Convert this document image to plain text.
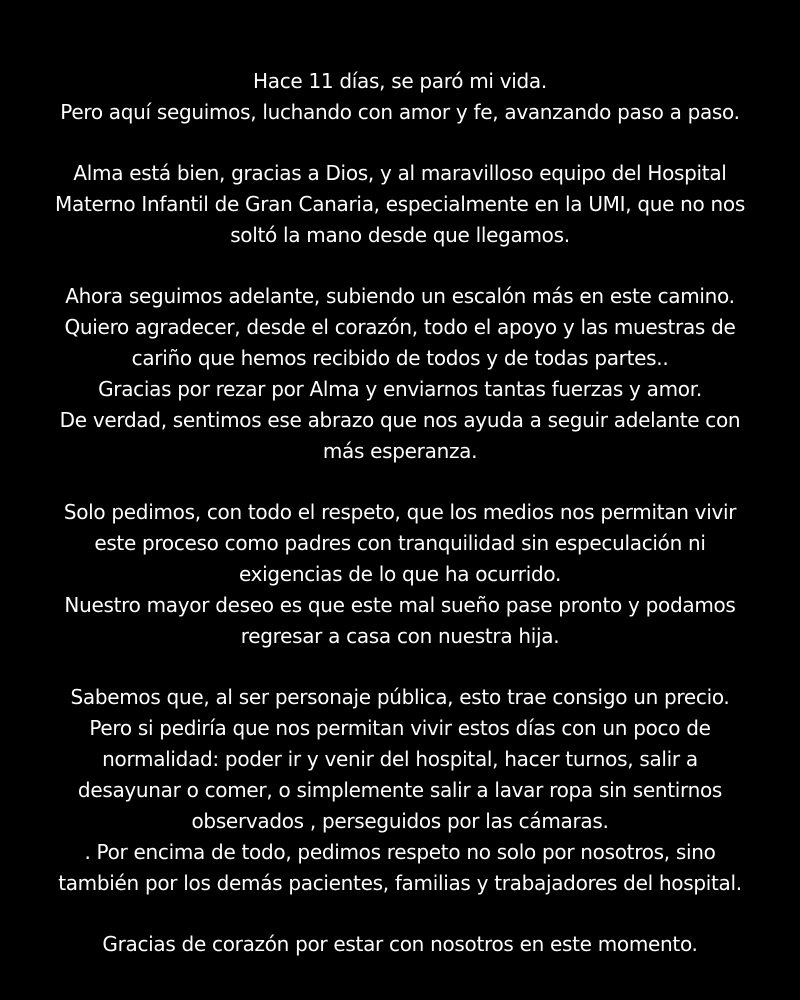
Hace 11 días, se paró mi vida.
Pero aquí seguimos, luchando con amor y fe, avanzando paso a paso.

Alma está bien, gracias a Dios, y al maravilloso equipo del Hospital
Materno Infantil de Gran Canaria, especialmente en la UMI, que no nos
soltó la mano desde que llegamos.

Ahora seguimos adelante, subiendo un escalón más en este camino.
Quiero agradecer, desde el corazón, todo el apoyo y las muestras de
cariño que hemos recibido de todos y de todas partes..
Gracias por rezar por Alma y enviarnos tantas fuerzas y amor.
De verdad, sentimos ese abrazo que nos ayuda a seguir adelante con
más esperanza.

Solo pedimos, con todo el respeto, que los medios nos permitan vivir
este proceso como padres con tranquilidad sin especulación ni
exigencias de lo que ha ocurrido.
Nuestro mayor deseo es que este mal sueño pase pronto y podamos
regresar a casa con nuestra hija.

Sabemos que, al ser personaje pública, esto trae consigo un precio.
Pero si pediría que nos permitan vivir estos días con un poco de
normalidad: poder ir y venir del hospital, hacer turnos, salir a
desayunar o comer, o simplemente salir a lavar ropa sin sentirnos
observados , perseguidos por las cámaras.
. Por encima de todo, pedimos respeto no solo por nosotros, sino
también por los demás pacientes, familias y trabajadores del hospital.

Gracias de corazón por estar con nosotros en este momento.
